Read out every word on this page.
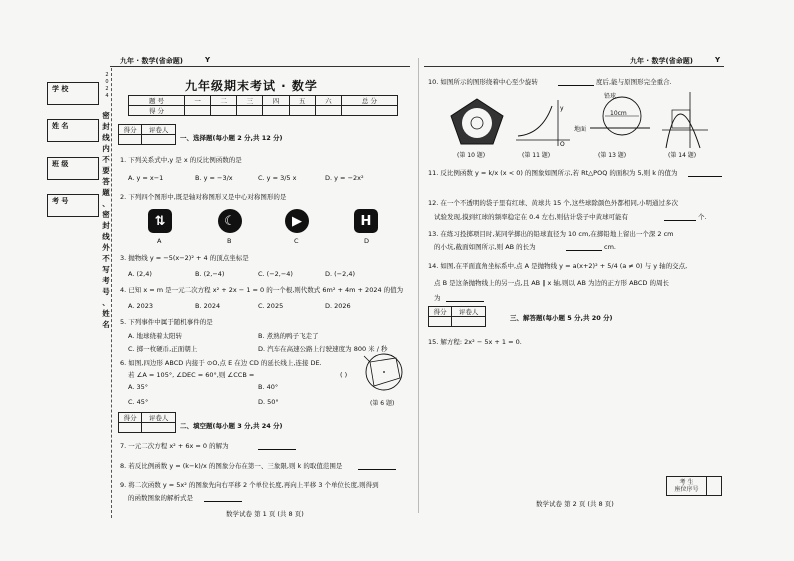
九年 · 数学(省命题)	Y
学 校
姓 名
班 级
考 号
密
封
线
内
不
要
答
题
、
密
封
线
外
不
写
考
号
、
姓
名
2
0
2
4
九年级期末考试 · 数学
题 号	一	二	三	四	五	六	总 分
得 分							
得分	评卷人

一、选择题(每小题 2 分,共 12 分)
1. 下列关系式中,y 是 x 的反比例函数的是
A. y = x−1	B. y = −3/x	C. y = 3/5 x	D. y = −2x²
2. 下列四个图形中,既是轴对称图形又是中心对称图形的是
⇅	☾	▶	H
A	B	C	D
3. 抛物线 y = −5(x−2)² + 4 的顶点坐标是
A. (2,4)	B. (2,−4)	C. (−2,−4)	D. (−2,4)
4. 已知 x = m 是一元二次方程 x² + 2x − 1 = 0 的一个根,则代数式 6m² + 4m + 2024 的值为
A. 2023	B. 2024	C. 2025	D. 2026
5. 下列事件中属于随机事件的是
A. 地球绕着太阳转	B. 煮熟的鸭子飞走了
C. 掷一枚硬币,正面朝上	D. 汽车在高速公路上行驶速度为 800 米 / 秒
6. 如图,四边形 ABCD 内接于 ⊙O,点 E 在边 CD 的延长线上,连接 DE.
若 ∠A = 105°, ∠DEC = 60°,则 ∠CCB =	( )
A. 35°	B. 40°
C. 45°	D. 50°	(第 6 题)
得分	评卷人

二、填空题(每小题 3 分,共 24 分)
7. 一元二次方程 x² + 6x = 0 的解为
8. 若反比例函数 y = (k−k)/x 的图象分布在第一、三象限,则 k 的取值范围是
9. 将二次函数 y = 5x² 的图象先向右平移 2 个单位长度,再向上平移 3 个单位长度,则得到
的函数图象的解析式是
数学试卷 第 1 页 (共 8 页)
九年 · 数学(省命题)	Y
10. 如图所示的图形绕着中心至少旋转	度后,能与原图形完全重合.
(第 10 题)
y
O
(第 11 题)
铅球
地面
10cm
(第 13 题)	(第 14 题)
11. 反比例函数 y = k/x (x < 0) 的图象如图所示,若 Rt△POQ 的面积为 5,则 k 的值为
12. 在一个不透明的袋子里有红球、黄球共 15 个,这些球除颜色外都相同,小明通过多次
试验发现,摸到红球的频率稳定在 0.4 左右,则估计袋子中黄球可能有	个.
13. 在练习投掷项目时,某同学掷出的铅球直径为 10 cm,在掷铅地上留出一个深 2 cm
的小坑,截面如图所示,则 AB 的长为	cm.
14. 如图,在平面直角坐标系中,点 A 是抛物线 y = a(x+2)² + 5/4 (a ≠ 0) 与 y 轴的交点,
点 B 是这条抛物线上的另一点,且 AB ∥ x 轴,则以 AB 为边的正方形 ABCD 的周长
为
得分	评卷人

三、解答题(每小题 5 分,共 20 分)
15. 解方程: 2x² − 5x + 1 = 0.
考 生
座位序号	
数学试卷 第 2 页 (共 8 页)
